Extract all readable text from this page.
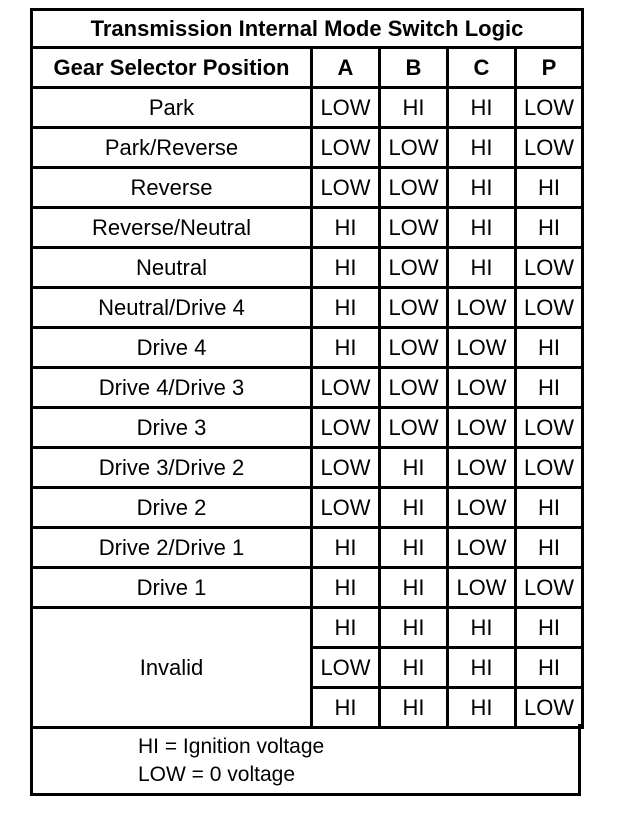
Transmission Internal Mode Switch Logic				
Gear Selector Position	A	B	C	P
Park	LOW	HI	HI	LOW
Park/Reverse	LOW	LOW	HI	LOW
Reverse	LOW	LOW	HI	HI
Reverse/Neutral	HI	LOW	HI	HI
Neutral	HI	LOW	HI	LOW
Neutral/Drive 4	HI	LOW	LOW	LOW
Drive 4	HI	LOW	LOW	HI
Drive 4/Drive 3	LOW	LOW	LOW	HI
Drive 3	LOW	LOW	LOW	LOW
Drive 3/Drive 2	LOW	HI	LOW	LOW
Drive 2	LOW	HI	LOW	HI
Drive 2/Drive 1	HI	HI	LOW	HI
Drive 1	HI	HI	LOW	LOW
Invalid	HI	HI	HI	HI
	LOW	HI	HI	HI
	HI	HI	HI	LOW
HI = Ignition voltage
LOW = 0 voltage
